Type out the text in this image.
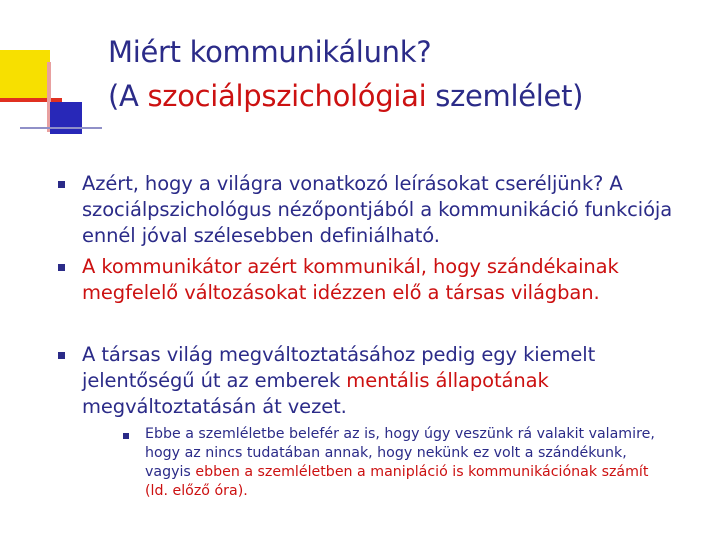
Miért kommunikálunk?
(A szociálpszichológiai szemlélet)
Azért, hogy a világra vonatkozó leírásokat cseréljünk? A szociálpszichológus nézőpontjából a kommunikáció funkciója ennél jóval szélesebben definiálható.
A kommunikátor azért kommunikál, hogy szándékainak megfelelő változásokat idézzen elő a társas világban.
A társas világ megváltoztatásához pedig egy kiemelt jelentőségű út az emberek mentális állapotának megváltoztatásán át vezet.
Ebbe a szemléletbe belefér az is, hogy úgy veszünk rá valakit valamire, hogy az nincs tudatában annak, hogy nekünk ez volt a szándékunk, vagyis ebben a szemléletben a manipláció is kommunikációnak számít (ld. előző óra).
